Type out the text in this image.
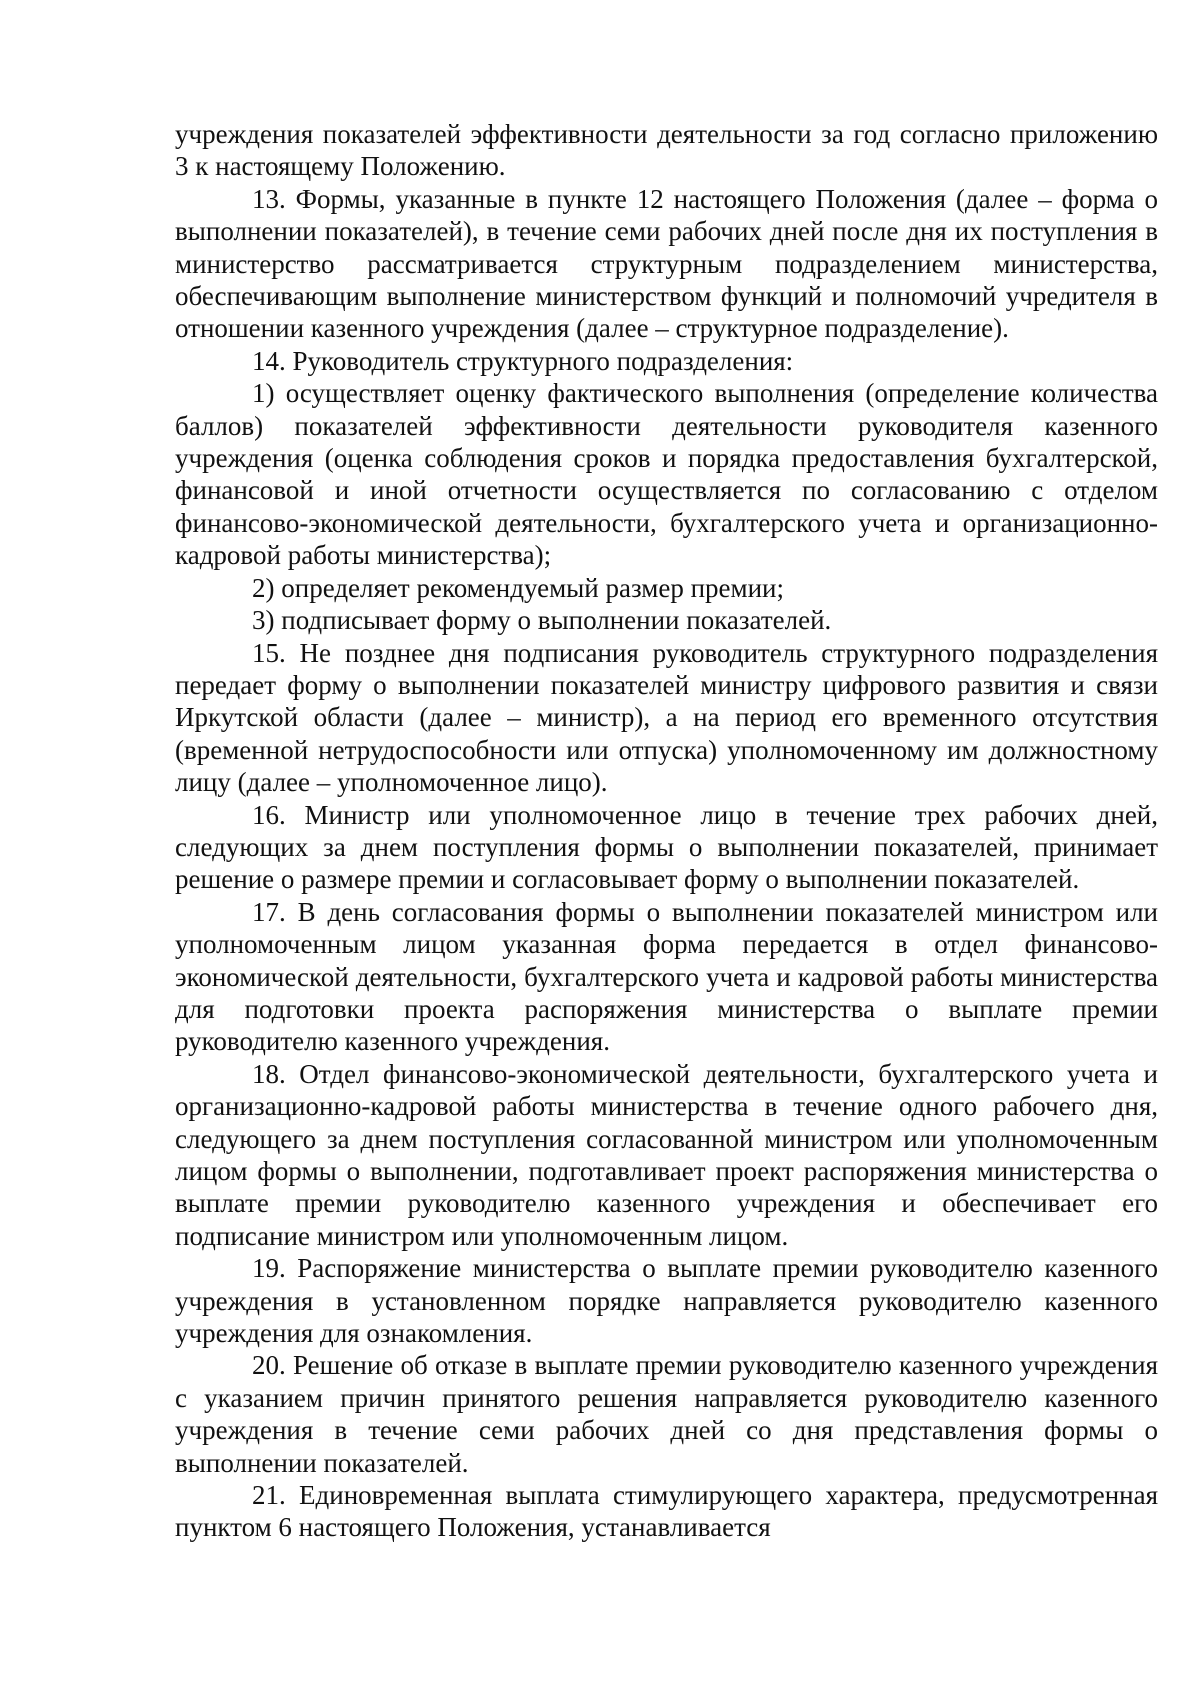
учреждения показателей эффективности деятельности за год согласно приложению 3 к настоящему Положению.

13. Формы, указанные в пункте 12 настоящего Положения (далее – форма о выполнении показателей), в течение семи рабочих дней после дня их поступления в министерство рассматривается структурным подразделением министерства, обеспечивающим выполнение министерством функций и полномочий учредителя в отношении казенного учреждения (далее – структурное подразделение).

14. Руководитель структурного подразделения:

1) осуществляет оценку фактического выполнения (определение количества баллов) показателей эффективности деятельности руководителя казенного учреждения (оценка соблюдения сроков и порядка предоставления бухгалтерской, финансовой и иной отчетности осуществляется по согласованию с отделом финансово-экономической деятельности, бухгалтерского учета и организационно-кадровой работы министерства);

2) определяет рекомендуемый размер премии;

3) подписывает форму о выполнении показателей.

15. Не позднее дня подписания руководитель структурного подразделения передает форму о выполнении показателей министру цифрового развития и связи Иркутской области (далее – министр), а на период его временного отсутствия (временной нетрудоспособности или отпуска) уполномоченному им должностному лицу (далее – уполномоченное лицо).

16. Министр или уполномоченное лицо в течение трех рабочих дней, следующих за днем поступления формы о выполнении показателей, принимает решение о размере премии и согласовывает форму о выполнении показателей.

17. В день согласования формы о выполнении показателей министром или уполномоченным лицом указанная форма передается в отдел финансово-экономической деятельности, бухгалтерского учета и кадровой работы министерства для подготовки проекта распоряжения министерства о выплате премии руководителю казенного учреждения.

18. Отдел финансово-экономической деятельности, бухгалтерского учета и организационно-кадровой работы министерства в течение одного рабочего дня, следующего за днем поступления согласованной министром или уполномоченным лицом формы о выполнении, подготавливает проект распоряжения министерства о выплате премии руководителю казенного учреждения и обеспечивает его подписание министром или уполномоченным лицом.

19. Распоряжение министерства о выплате премии руководителю казенного учреждения в установленном порядке направляется руководителю казенного учреждения для ознакомления.

20. Решение об отказе в выплате премии руководителю казенного учреждения с указанием причин принятого решения направляется руководителю казенного учреждения в течение семи рабочих дней со дня представления формы о выполнении показателей.

21. Единовременная выплата стимулирующего характера, предусмотренная пунктом 6 настоящего Положения, устанавливается
